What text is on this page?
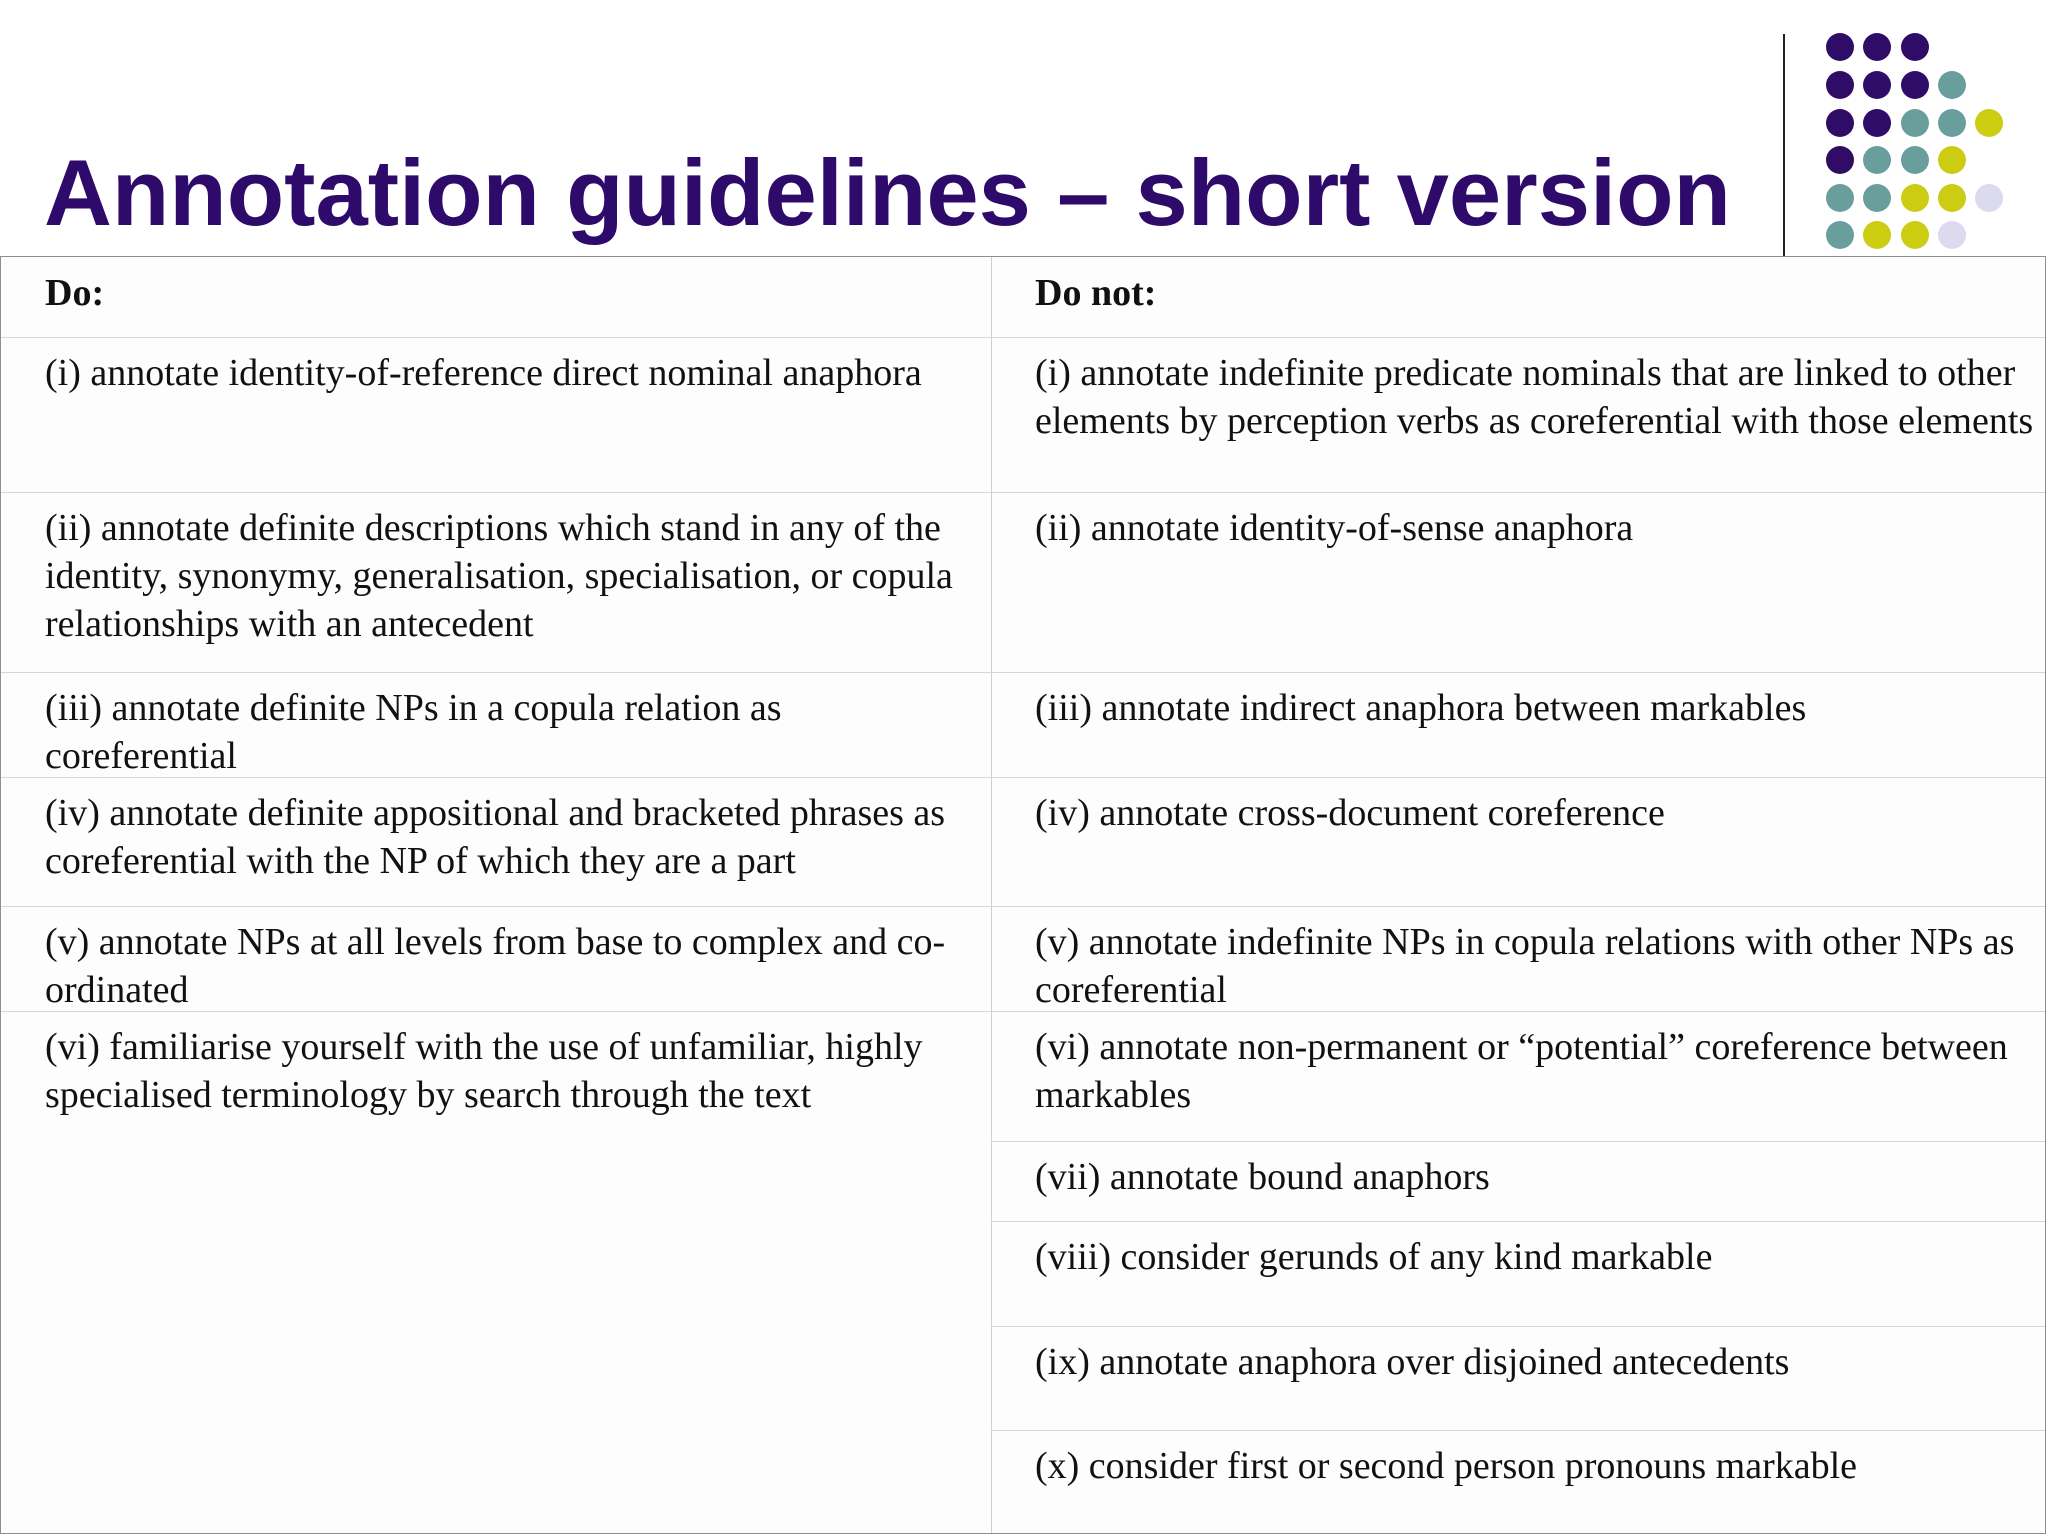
Annotation guidelines – short version
Do:	Do not:
(i) annotate identity-of-reference direct nominal anaphora	(i) annotate indefinite predicate nominals that are linked to other elements by perception verbs as coreferential with those elements
(ii) annotate definite descriptions which stand in any of the identity, synonymy, generalisation, specialisation, or copula relationships with an antecedent
(ii) annotate identity-of-sense anaphora
(iii) annotate definite NPs in a copula relation as coreferential
(iii) annotate indirect anaphora between markables
(iv) annotate definite appositional and bracketed phrases as coreferential with the NP of which they are a part
(iv) annotate cross-document coreference
(v) annotate NPs at all levels from base to complex and co-ordinated
(v) annotate indefinite NPs in copula relations with other NPs as coreferential
(vi) familiarise yourself with the use of unfamiliar, highly specialised terminology by search through the text
(vi) annotate non-permanent or “potential” coreference between markables
(vii) annotate bound anaphors
(viii) consider gerunds of any kind markable
(ix) annotate anaphora over disjoined antecedents
(x) consider first or second person pronouns markable
